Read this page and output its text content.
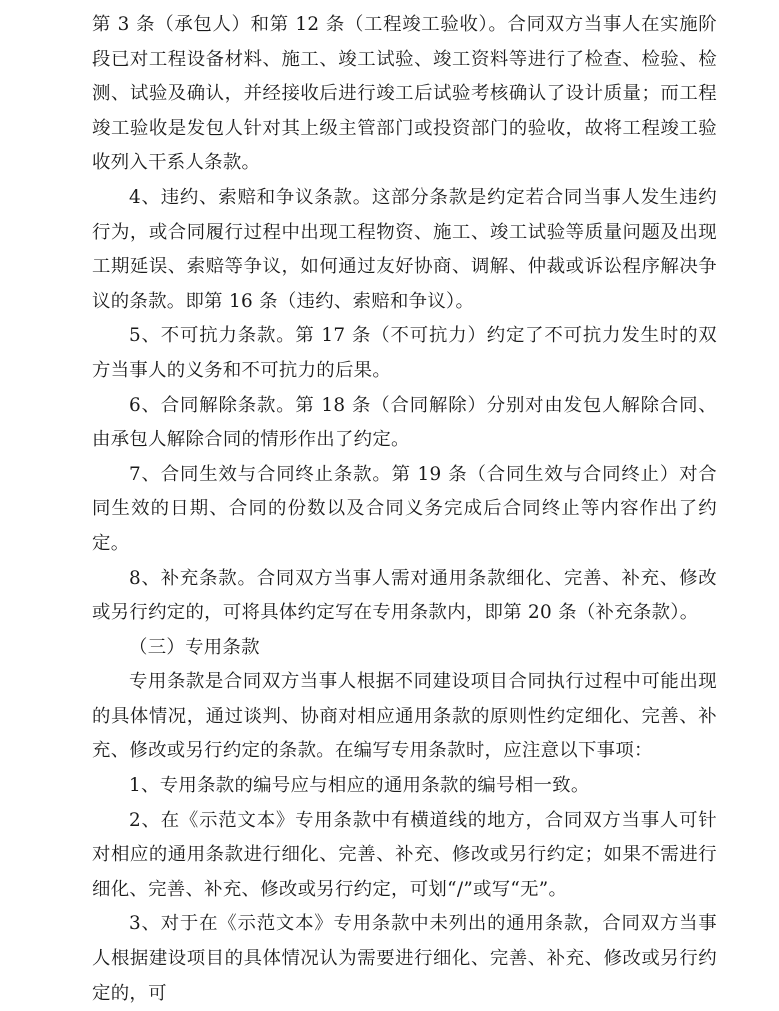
第 3 条（承包人）和第 12 条（工程竣工验收）。合同双方当事人在实施阶段已对工程设备材料、施工、竣工试验、竣工资料等进行了检查、检验、检测、试验及确认，并经接收后进行竣工后试验考核确认了设计质量；而工程竣工验收是发包人针对其上级主管部门或投资部门的验收，故将工程竣工验收列入干系人条款。

4、违约、索赔和争议条款。这部分条款是约定若合同当事人发生违约行为，或合同履行过程中出现工程物资、施工、竣工试验等质量问题及出现工期延误、索赔等争议，如何通过友好协商、调解、仲裁或诉讼程序解决争议的条款。即第 16 条（违约、索赔和争议）。

5、不可抗力条款。第 17 条（不可抗力）约定了不可抗力发生时的双方当事人的义务和不可抗力的后果。

6、合同解除条款。第 18 条（合同解除）分别对由发包人解除合同、由承包人解除合同的情形作出了约定。

7、合同生效与合同终止条款。第 19 条（合同生效与合同终止）对合同生效的日期、合同的份数以及合同义务完成后合同终止等内容作出了约定。

8、补充条款。合同双方当事人需对通用条款细化、完善、补充、修改或另行约定的，可将具体约定写在专用条款内，即第 20 条（补充条款）。

（三）专用条款

专用条款是合同双方当事人根据不同建设项目合同执行过程中可能出现的具体情况，通过谈判、协商对相应通用条款的原则性约定细化、完善、补充、修改或另行约定的条款。在编写专用条款时，应注意以下事项：

1、专用条款的编号应与相应的通用条款的编号相一致。

2、在《示范文本》专用条款中有横道线的地方，合同双方当事人可针对相应的通用条款进行细化、完善、补充、修改或另行约定；如果不需进行细化、完善、补充、修改或另行约定，可划“/”或写“无”。

3、对于在《示范文本》专用条款中未列出的通用条款，合同双方当事人根据建设项目的具体情况认为需要进行细化、完善、补充、修改或另行约定的，可
